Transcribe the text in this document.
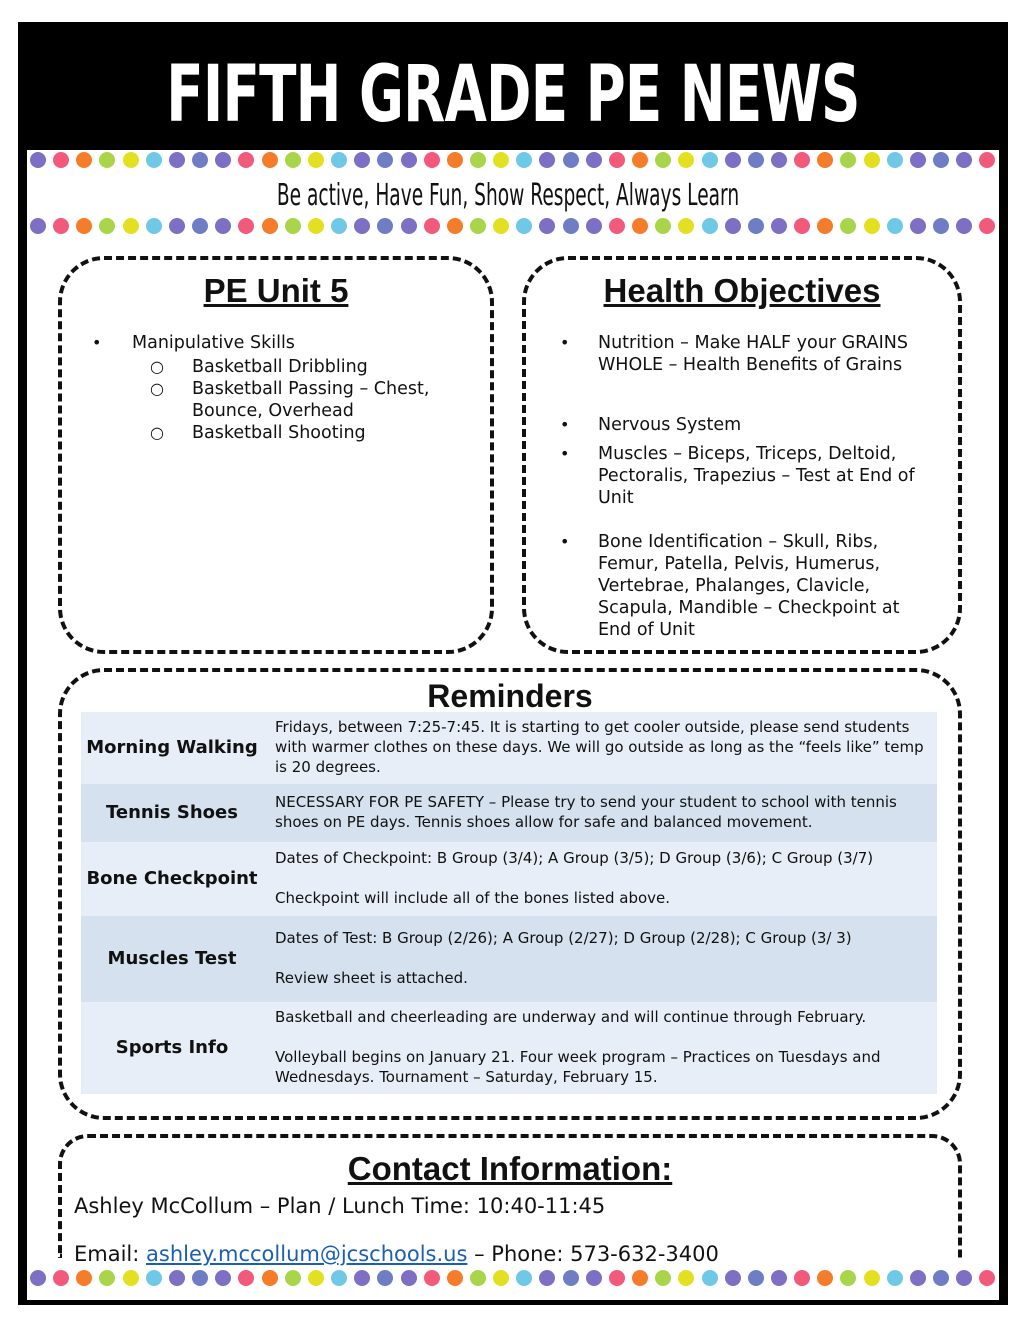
FIFTH GRADE PE NEWS
Be active, Have Fun, Show Respect, Always Learn
PE Unit 5
• Manipulative Skills
○ Basketball Dribbling
○ Basketball Passing – Chest, Bounce, Overhead
○ Basketball Shooting
Health Objectives
• Nutrition – Make HALF your GRAINS WHOLE – Health Benefits of Grains
• Nervous System
• Muscles – Biceps, Triceps, Deltoid, Pectoralis, Trapezius – Test at End of Unit
• Bone Identification – Skull, Ribs, Femur, Patella, Pelvis, Humerus, Vertebrae, Phalanges, Clavicle, Scapula, Mandible – Checkpoint at End of Unit
Reminders
Morning Walking	Fridays, between 7:25-7:45. It is starting to get cooler outside, please send students with warmer clothes on these days. We will go outside as long as the “feels like” temp is 20 degrees.
Tennis Shoes	NECESSARY FOR PE SAFETY – Please try to send your student to school with tennis shoes on PE days. Tennis shoes allow for safe and balanced movement.
Bone Checkpoint	Dates of Checkpoint: B Group (3/4); A Group (3/5); D Group (3/6); C Group (3/7)
Checkpoint will include all of the bones listed above.

Muscles Test	Dates of Test: B Group (2/26); A Group (2/27); D Group (2/28); C Group (3/ 3)
Review sheet is attached.

Sports Info	Basketball and cheerleading are underway and will continue through February.
Volleyball begins on January 21. Four week program – Practices on Tuesdays and Wednesdays. Tournament – Saturday, February 15.
Contact Information:
Ashley McCollum – Plan / Lunch Time: 10:40-11:45
Email: ashley.mccollum@jcschools.us – Phone: 573-632-3400
